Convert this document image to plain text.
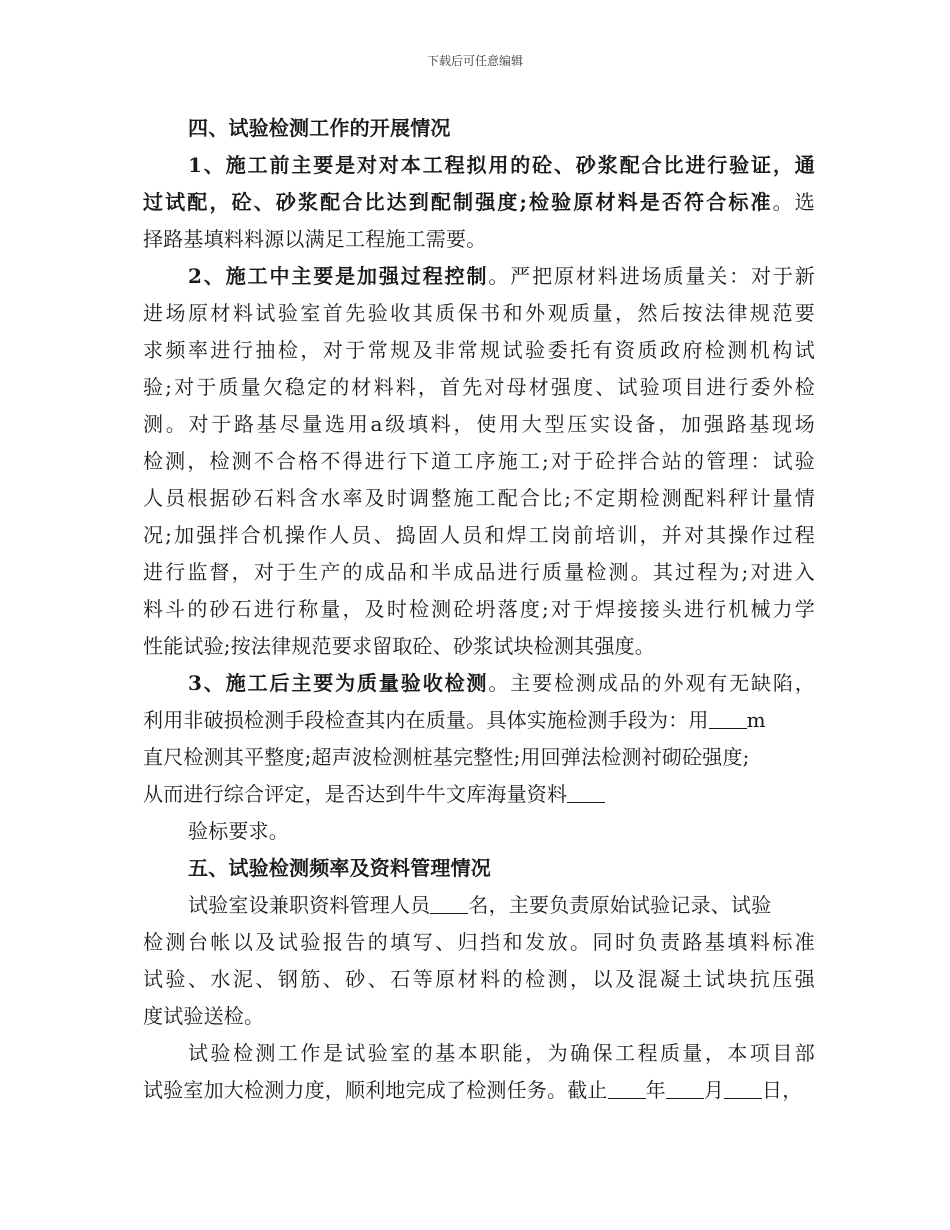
下载后可任意编辑
四、试验检测工作的开展情况
1、施工前主要是对对本工程拟用的砼、砂浆配合比进行验证，通
过试配，砼、砂浆配合比达到配制强度;检验原材料是否符合标准。选
择路基填料料源以满足工程施工需要。
2、施工中主要是加强过程控制。严把原材料进场质量关：对于新
进场原材料试验室首先验收其质保书和外观质量，然后按法律规范要
求频率进行抽检，对于常规及非常规试验委托有资质政府检测机构试
验;对于质量欠稳定的材料料，首先对母材强度、试验项目进行委外检
测。对于路基尽量选用a级填料，使用大型压实设备，加强路基现场
检测，检测不合格不得进行下道工序施工;对于砼拌合站的管理：试验
人员根据砂石料含水率及时调整施工配合比;不定期检测配料秤计量情
况;加强拌合机操作人员、捣固人员和焊工岗前培训，并对其操作过程
进行监督，对于生产的成品和半成品进行质量检测。其过程为;对进入
料斗的砂石进行称量，及时检测砼坍落度;对于焊接接头进行机械力学
性能试验;按法律规范要求留取砼、砂浆试块检测其强度。
3、施工后主要为质量验收检测。主要检测成品的外观有无缺陷，
利用非破损检测手段检查其内在质量。具体实施检测手段为：用 m
直尺检测其平整度;超声波检测桩基完整性;用回弹法检测衬砌砼强度;
从而进行综合评定，是否达到牛牛文库海量资料
验标要求。
五、试验检测频率及资料管理情况
试验室设兼职资料管理人员 名，主要负责原始试验记录、试验
检测台帐以及试验报告的填写、归挡和发放。同时负责路基填料标准
试验、水泥、钢筋、砂、石等原材料的检测，以及混凝土试块抗压强
度试验送检。
试验检测工作是试验室的基本职能，为确保工程质量，本项目部
试验室加大检测力度，顺利地完成了检测任务。截止 年 月 日，
